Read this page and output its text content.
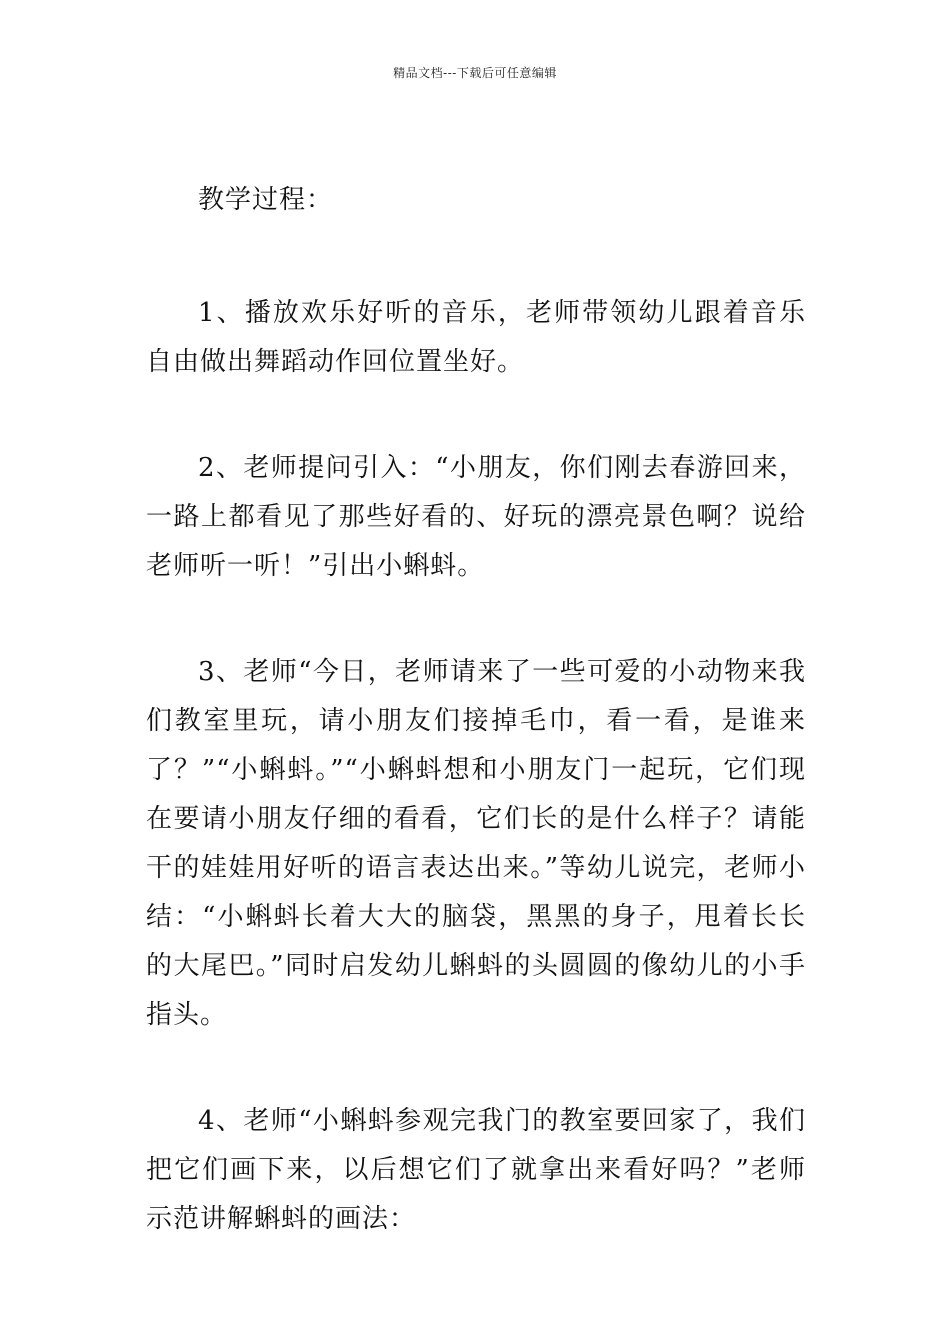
精品文档---下载后可任意编辑

教学过程：

1、播放欢乐好听的音乐，老师带领幼儿跟着音乐自由做出舞蹈动作回位置坐好。

2、老师提问引入：“小朋友，你们刚去春游回来，一路上都看见了那些好看的、好玩的漂亮景色啊？说给老师听一听！”引出小蝌蚪。

3、老师“今日，老师请来了一些可爱的小动物来我们教室里玩，请小朋友们接掉毛巾，看一看，是谁来了？”“小蝌蚪。”“小蝌蚪想和小朋友门一起玩，它们现在要请小朋友仔细的看看，它们长的是什么样子？请能干的娃娃用好听的语言表达出来。”等幼儿说完，老师小结：“小蝌蚪长着大大的脑袋，黑黑的身子，甩着长长的大尾巴。”同时启发幼儿蝌蚪的头圆圆的像幼儿的小手指头。

4、老师“小蝌蚪参观完我门的教室要回家了，我们把它们画下来，以后想它们了就拿出来看好吗？”老师示范讲解蝌蚪的画法：
